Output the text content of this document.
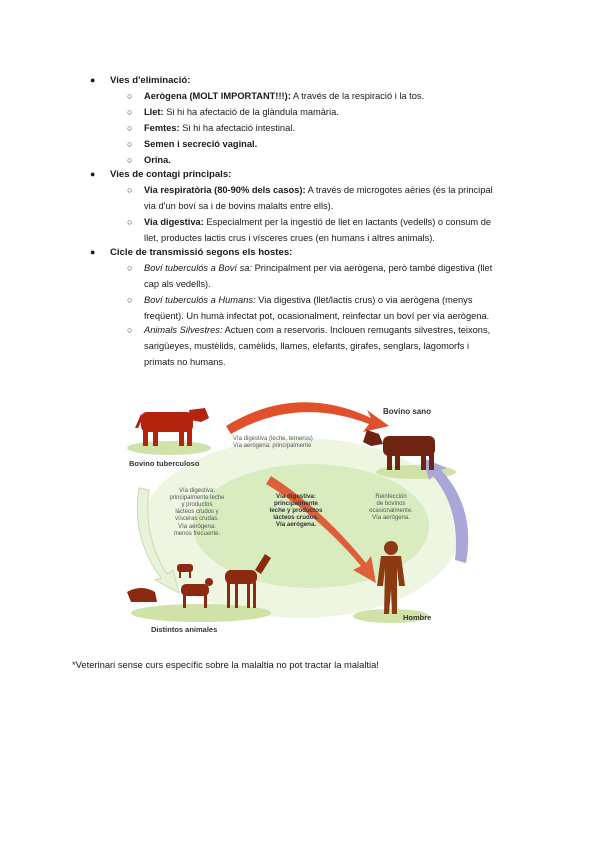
● Vies d'eliminació:
○ Aerògena (MOLT IMPORTANT!!!): A través de la respiració i la tos.
○ Llet: Si hi ha afectació de la glàndula mamària.
○ Femtes: Si hi ha afectació intestinal.
○ Semen i secreció vaginal.
○ Orina.
● Vies de contagi principals:
○ Via respiratòria (80-90% dels casos): A través de microgotes aèries (és la principal
via d'un boví sa i de bovins malalts entre ells).
○ Via digestiva: Especialment per la ingestió de llet en lactants (vedells) o consum de
llet, productes lactis crus i vísceres crues (en humans i altres animals).
● Cicle de transmissió segons els hostes:
○ Boví tuberculós a Boví sa: Principalment per via aerògena, però també digestiva (llet
cap als vedells).
○ Boví tuberculós a Humans: Via digestiva (llet/lactis crus) o via aerògena (menys
freqüent). Un humà infectat pot, ocasionalment, reinfectar un boví per via aerògena.
○ Animals Silvestres: Actuen com a reservoris. Inclouen remugants silvestres, teixons,
sarigüeyes, mustèlids, camèlids, llames, elefants, girafes, senglars, lagomorfs i
primats no humans.
Bovino sano
Bovino tuberculoso
Hombre
Distintos animales
Vía digestiva (leche, terneros)
Vía aerógena: principalmente
Vía digestiva:
principalmente leche
y productos
lácteos crudos y
vísceras crudas.
Vía aerógena:
menos frecuente.
Vía digestiva:
principalmente
leche y productos
lácteos crudos.
Vía aerógena.
Reinfección
de bovinos
ocasionalmente.
Vía aerógena.
*Veterinari sense curs específic sobre la malaltia no pot tractar la malaltia!
